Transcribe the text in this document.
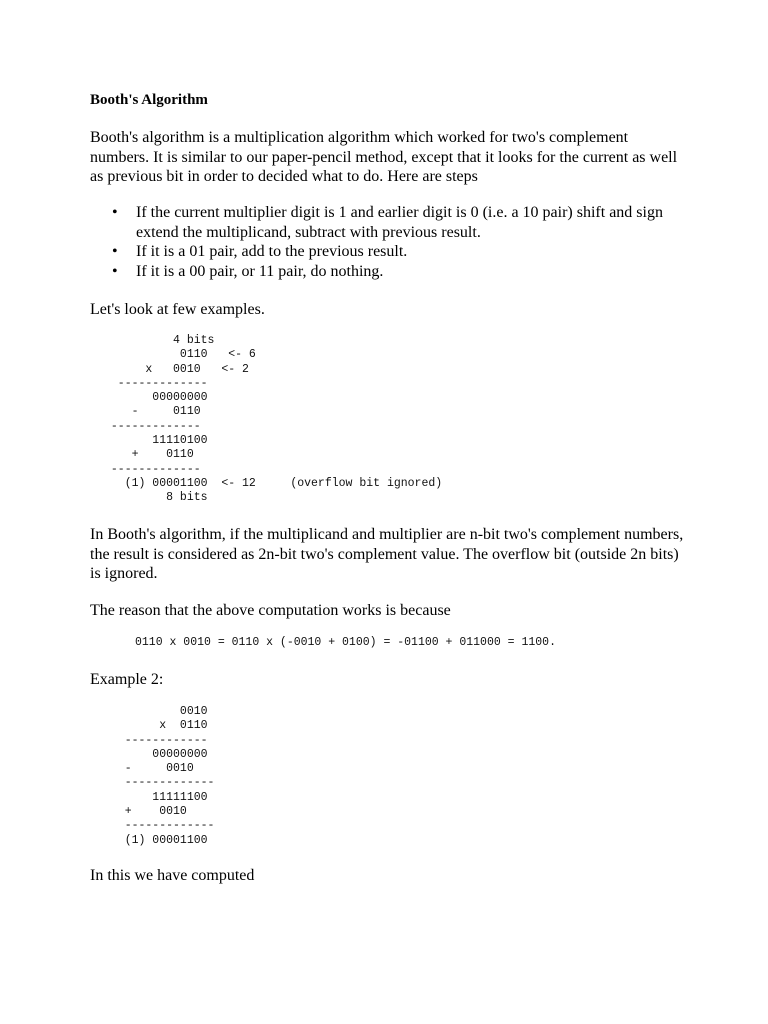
Booth's Algorithm

Booth's algorithm is a multiplication algorithm which worked for two's complement numbers. It is similar to our paper-pencil method, except that it looks for the current as well as previous bit in order to decided what to do. Here are steps

• If the current multiplier digit is 1 and earlier digit is 0 (i.e. a 10 pair) shift and sign extend the multiplicand, subtract with previous result.
• If it is a 01 pair, add to the previous result.
• If it is a 00 pair, or 11 pair, do nothing.

Let's look at few examples.

4 bits
0110   <- 6
x   0010   <- 2
-------------
00000000
-     0110
-------------
11110100
+    0110
-------------
(1) 00001100  <- 12     (overflow bit ignored)
8 bits

In Booth's algorithm, if the multiplicand and multiplier are n-bit two's complement numbers, the result is considered as 2n-bit two's complement value. The overflow bit (outside 2n bits) is ignored.

The reason that the above computation works is because

0110 x 0010 = 0110 x (-0010 + 0100) = -01100 + 011000 = 1100.

Example 2:

0010
x  0110
------------
00000000
-     0010
-------------
11111100
+    0010
-------------
(1) 00001100

In this we have computed
